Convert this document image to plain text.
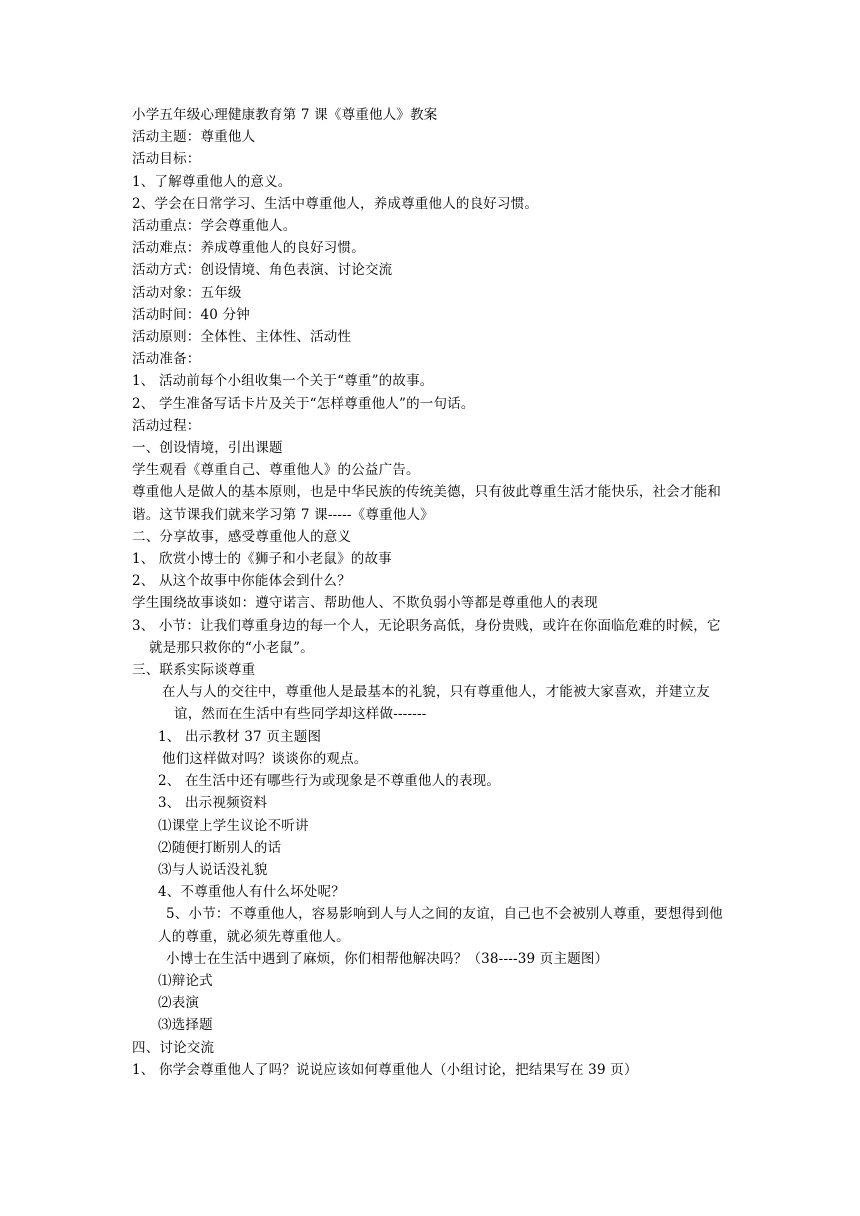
小学五年级心理健康教育第 7 课《尊重他人》教案
活动主题：尊重他人
活动目标：
1、了解尊重他人的意义。
2、学会在日常学习、生活中尊重他人，养成尊重他人的良好习惯。
活动重点：学会尊重他人。
活动难点：养成尊重他人的良好习惯。
活动方式：创设情境、角色表演、讨论交流
活动对象：五年级
活动时间：40 分钟
活动原则：全体性、主体性、活动性
活动准备：
1、 活动前每个小组收集一个关于“尊重”的故事。
2、 学生准备写话卡片及关于“怎样尊重他人”的一句话。
活动过程：
一、创设情境，引出课题
学生观看《尊重自己、尊重他人》的公益广告。
尊重他人是做人的基本原则，也是中华民族的传统美德，只有彼此尊重生活才能快乐，社会才能和谐。这节课我们就来学习第 7 课-----《尊重他人》
二、分享故事，感受尊重他人的意义
1、 欣赏小博士的《狮子和小老鼠》的故事
2、 从这个故事中你能体会到什么？
学生围绕故事谈如：遵守诺言、帮助他人、不欺负弱小等都是尊重他人的表现
3、 小节：让我们尊重身边的每一个人，无论职务高低，身份贵贱，或许在你面临危难的时候，它就是那只救你的“小老鼠”。
三、联系实际谈尊重
在人与人的交往中，尊重他人是最基本的礼貌，只有尊重他人，才能被大家喜欢，并建立友谊，然而在生活中有些同学却这样做-------
1、 出示教材 37 页主题图
他们这样做对吗？谈谈你的观点。
2、 在生活中还有哪些行为或现象是不尊重他人的表现。
3、 出示视频资料
⑴课堂上学生议论不听讲
⑵随便打断别人的话
⑶与人说话没礼貌
4、不尊重他人有什么坏处呢？
5、小节：不尊重他人，容易影响到人与人之间的友谊，自己也不会被别人尊重，要想得到他人的尊重，就必须先尊重他人。
小博士在生活中遇到了麻烦，你们相帮他解决吗？（38----39 页主题图）
⑴辩论式
⑵表演
⑶选择题
四、讨论交流
1、 你学会尊重他人了吗？说说应该如何尊重他人（小组讨论，把结果写在 39 页）
